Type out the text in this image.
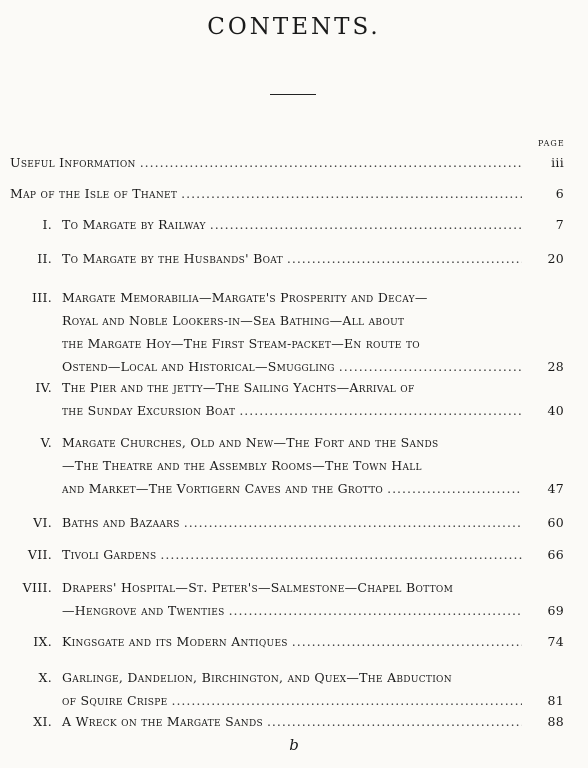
CONTENTS.
PAGE
Useful Information .....	iii
Map of the Isle of Thanet .....	6
I. To Margate by Railway .....	7
II. To Margate by the Husbands' Boat .....	20
III. Margate Memorabilia—Margate's Prosperity and Decay—
Royal and Noble Lookers-in—Sea Bathing—All about
the Margate Hoy—The First Steam-packet—En route to
Ostend—Local and Historical—Smuggling .....	28
IV. The Pier and the jetty—The Sailing Yachts—Arrival of
the Sunday Excursion Boat .....	40
V. Margate Churches, Old and New—The Fort and the Sands
—The Theatre and the Assembly Rooms—The Town Hall
and Market—The Vortigern Caves and the Grotto .....	47
VI. Baths and Bazaars .....	60
VII. Tivoli Gardens .....	66
VIII. Drapers' Hospital—St. Peter's—Salmestone—Chapel Bottom
—Hengrove and Twenties .....	69
IX. Kingsgate and its Modern Antiques .....	74
X. Garlinge, Dandelion, Birchington, and Quex—The Abduction
of Squire Crispe .....	81
XI. A Wreck on the Margate Sands .....	88
b
